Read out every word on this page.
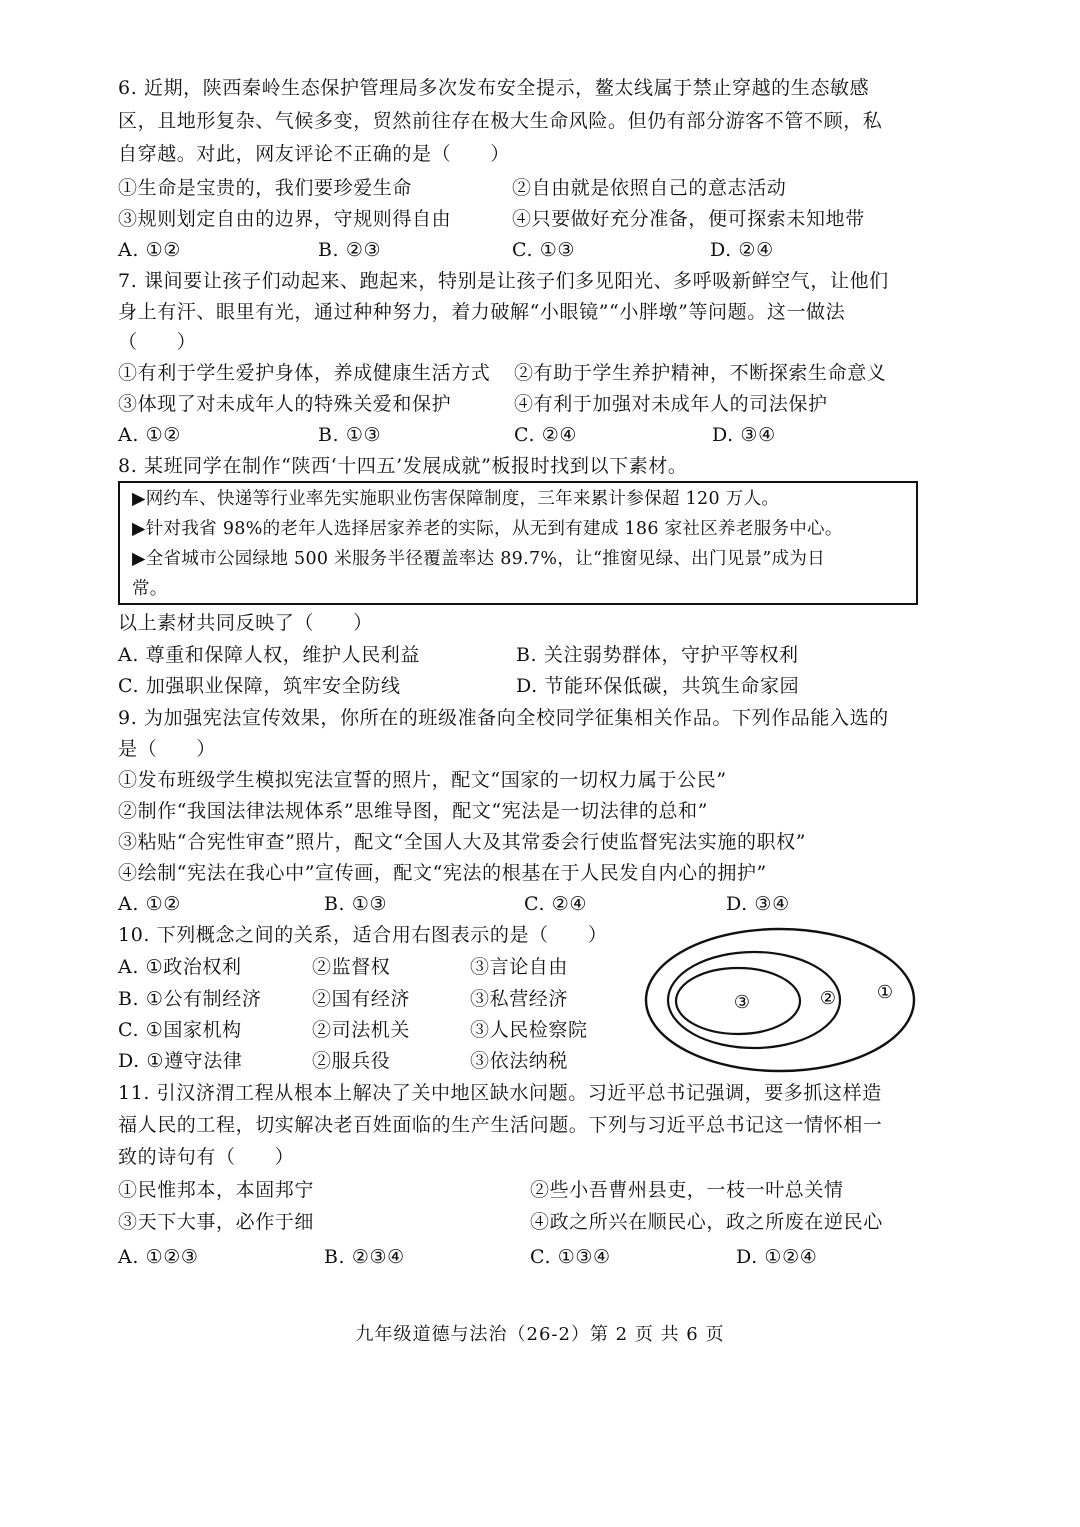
6. 近期，陕西秦岭生态保护管理局多次发布安全提示，鳌太线属于禁止穿越的生态敏感
区，且地形复杂、气候多变，贸然前往存在极大生命风险。但仍有部分游客不管不顾，私
自穿越。对此，网友评论不正确的是（　　）
①生命是宝贵的，我们要珍爱生命	②自由就是依照自己的意志活动
③规则划定自由的边界，守规则得自由	④只要做好充分准备，便可探索未知地带
A. ①②	B. ②③	C. ①③	D. ②④
7. 课间要让孩子们动起来、跑起来，特别是让孩子们多见阳光、多呼吸新鲜空气，让他们
身上有汗、眼里有光，通过种种努力，着力破解“小眼镜”“小胖墩”等问题。这一做法
（　　）
①有利于学生爱护身体，养成健康生活方式 ②有助于学生养护精神，不断探索生命意义
③体现了对未成年人的特殊关爱和保护	④有利于加强对未成年人的司法保护
A. ①②	B. ①③	C. ②④	D. ③④
8. 某班同学在制作“陕西‘十四五’发展成就”板报时找到以下素材。
▶网约车、快递等行业率先实施职业伤害保障制度，三年来累计参保超 120 万人。
▶针对我省 98%的老年人选择居家养老的实际，从无到有建成 186 家社区养老服务中心。
▶全省城市公园绿地 500 米服务半径覆盖率达 89.7%，让“推窗见绿、出门见景”成为日
常。
以上素材共同反映了（　　）
A. 尊重和保障人权，维护人民利益	B. 关注弱势群体，守护平等权利
C. 加强职业保障，筑牢安全防线	D. 节能环保低碳，共筑生命家园
9. 为加强宪法宣传效果，你所在的班级准备向全校同学征集相关作品。下列作品能入选的
是（　　）
①发布班级学生模拟宪法宣誓的照片，配文“国家的一切权力属于公民”
②制作“我国法律法规体系”思维导图，配文“宪法是一切法律的总和”
③粘贴“合宪性审查”照片，配文“全国人大及其常委会行使监督宪法实施的职权”
④绘制“宪法在我心中”宣传画，配文“宪法的根基在于人民发自内心的拥护”
A. ①②	B. ①③	C. ②④	D. ③④
10. 下列概念之间的关系，适合用右图表示的是（　　）
A. ①政治权利	②监督权	③言论自由
B. ①公有制经济	②国有经济	③私营经济
C. ①国家机构	②司法机关	③人民检察院
D. ①遵守法律	②服兵役	③依法纳税
③	② ①
11. 引汉济渭工程从根本上解决了关中地区缺水问题。习近平总书记强调，要多抓这样造
福人民的工程，切实解决老百姓面临的生产生活问题。下列与习近平总书记这一情怀相一
致的诗句有（　　）
①民惟邦本，本固邦宁	②些小吾曹州县吏，一枝一叶总关情
③天下大事，必作于细	④政之所兴在顺民心，政之所废在逆民心
A. ①②③	B. ②③④	C. ①③④	D. ①②④
九年级道德与法治（26-2）第 2 页 共 6 页
